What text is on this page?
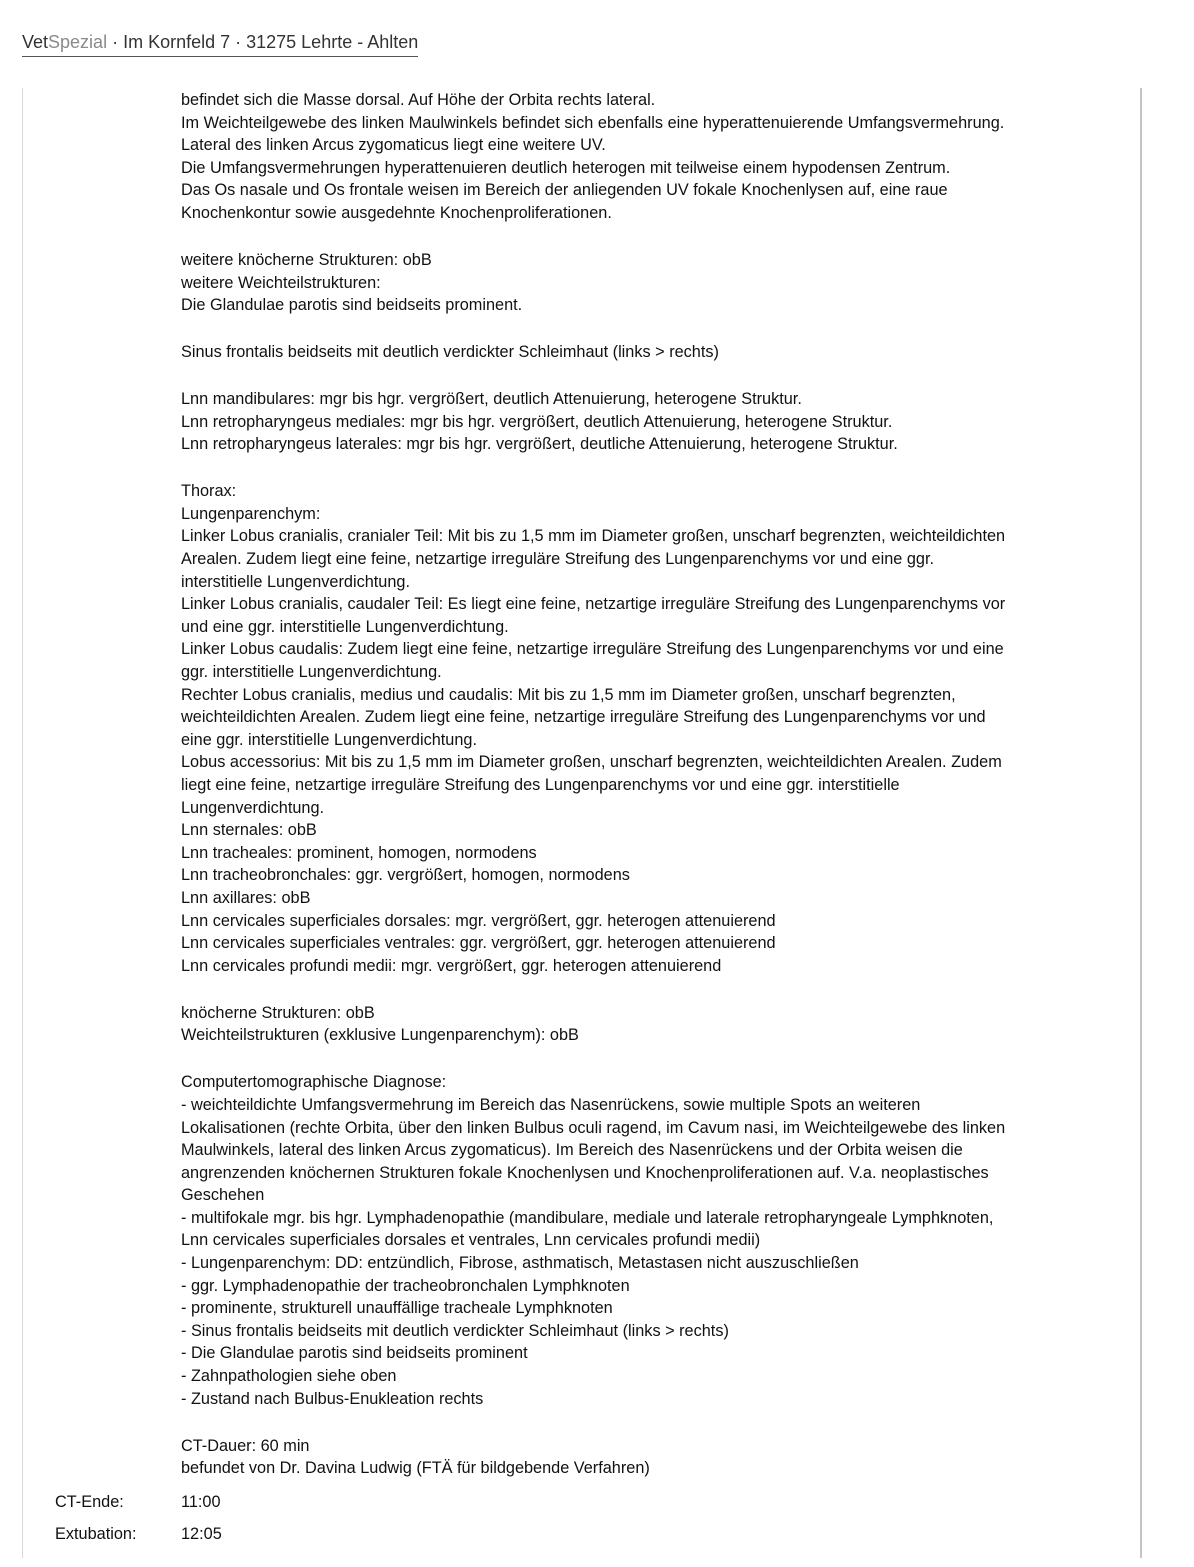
VetSpezial · Im Kornfeld 7 · 31275 Lehrte - Ahlten
befindet sich die Masse dorsal. Auf Höhe der Orbita rechts lateral.
Im Weichteilgewebe des linken Maulwinkels befindet sich ebenfalls eine hyperattenuierende Umfangsvermehrung.
Lateral des linken Arcus zygomaticus liegt eine weitere UV.
Die Umfangsvermehrungen hyperattenuieren deutlich heterogen mit teilweise einem hypodensen Zentrum.
Das Os nasale und Os frontale weisen im Bereich der anliegenden UV fokale Knochenlysen auf, eine raue
Knochenkontur sowie ausgedehnte Knochenproliferationen.
weitere knöcherne Strukturen: obB
weitere Weichteilstrukturen:
Die Glandulae parotis sind beidseits prominent.
Sinus frontalis beidseits mit deutlich verdickter Schleimhaut (links > rechts)
Lnn mandibulares: mgr bis hgr. vergrößert, deutlich Attenuierung, heterogene Struktur.
Lnn retropharyngeus mediales: mgr bis hgr. vergrößert, deutlich Attenuierung, heterogene Struktur.
Lnn retropharyngeus laterales: mgr bis hgr. vergrößert, deutliche Attenuierung, heterogene Struktur.
Thorax:
Lungenparenchym:
Linker Lobus cranialis, cranialer Teil: Mit bis zu 1,5 mm im Diameter großen, unscharf begrenzten, weichteildichten
Arealen. Zudem liegt eine feine, netzartige irreguläre Streifung des Lungenparenchyms vor und eine ggr.
interstitielle Lungenverdichtung.
Linker Lobus cranialis, caudaler Teil: Es liegt eine feine, netzartige irreguläre Streifung des Lungenparenchyms vor
und eine ggr. interstitielle Lungenverdichtung.
Linker Lobus caudalis: Zudem liegt eine feine, netzartige irreguläre Streifung des Lungenparenchyms vor und eine
ggr. interstitielle Lungenverdichtung.
Rechter Lobus cranialis, medius und caudalis: Mit bis zu 1,5 mm im Diameter großen, unscharf begrenzten,
weichteildichten Arealen. Zudem liegt eine feine, netzartige irreguläre Streifung des Lungenparenchyms vor und
eine ggr. interstitielle Lungenverdichtung.
Lobus accessorius: Mit bis zu 1,5 mm im Diameter großen, unscharf begrenzten, weichteildichten Arealen. Zudem
liegt eine feine, netzartige irreguläre Streifung des Lungenparenchyms vor und eine ggr. interstitielle
Lungenverdichtung.
Lnn sternales: obB
Lnn tracheales: prominent, homogen, normodens
Lnn tracheobronchales: ggr. vergrößert, homogen, normodens
Lnn axillares: obB
Lnn cervicales superficiales dorsales: mgr. vergrößert, ggr. heterogen attenuierend
Lnn cervicales superficiales ventrales: ggr. vergrößert, ggr. heterogen attenuierend
Lnn cervicales profundi medii: mgr. vergrößert, ggr. heterogen attenuierend
knöcherne Strukturen: obB
Weichteilstrukturen (exklusive Lungenparenchym): obB
Computertomographische Diagnose:
- weichteildichte Umfangsvermehrung im Bereich das Nasenrückens, sowie multiple Spots an weiteren
Lokalisationen (rechte Orbita, über den linken Bulbus oculi ragend, im Cavum nasi, im Weichteilgewebe des linken
Maulwinkels, lateral des linken Arcus zygomaticus). Im Bereich des Nasenrückens und der Orbita weisen die
angrenzenden knöchernen Strukturen fokale Knochenlysen und Knochenproliferationen auf. V.a. neoplastisches
Geschehen
- multifokale mgr. bis hgr. Lymphadenopathie (mandibulare, mediale und laterale retropharyngeale Lymphknoten,
Lnn cervicales superficiales dorsales et ventrales, Lnn cervicales profundi medii)
- Lungenparenchym: DD: entzündlich, Fibrose, asthmatisch, Metastasen nicht auszuschließen
- ggr. Lymphadenopathie der tracheobronchalen Lymphknoten
- prominente, strukturell unauffällige tracheale Lymphknoten
- Sinus frontalis beidseits mit deutlich verdickter Schleimhaut (links > rechts)
- Die Glandulae parotis sind beidseits prominent
- Zahnpathologien siehe oben
- Zustand nach Bulbus-Enukleation rechts
CT-Dauer: 60 min
befundet von Dr. Davina Ludwig (FTÄ für bildgebende Verfahren)
CT-Ende:	11:00
Extubation:	12:05
